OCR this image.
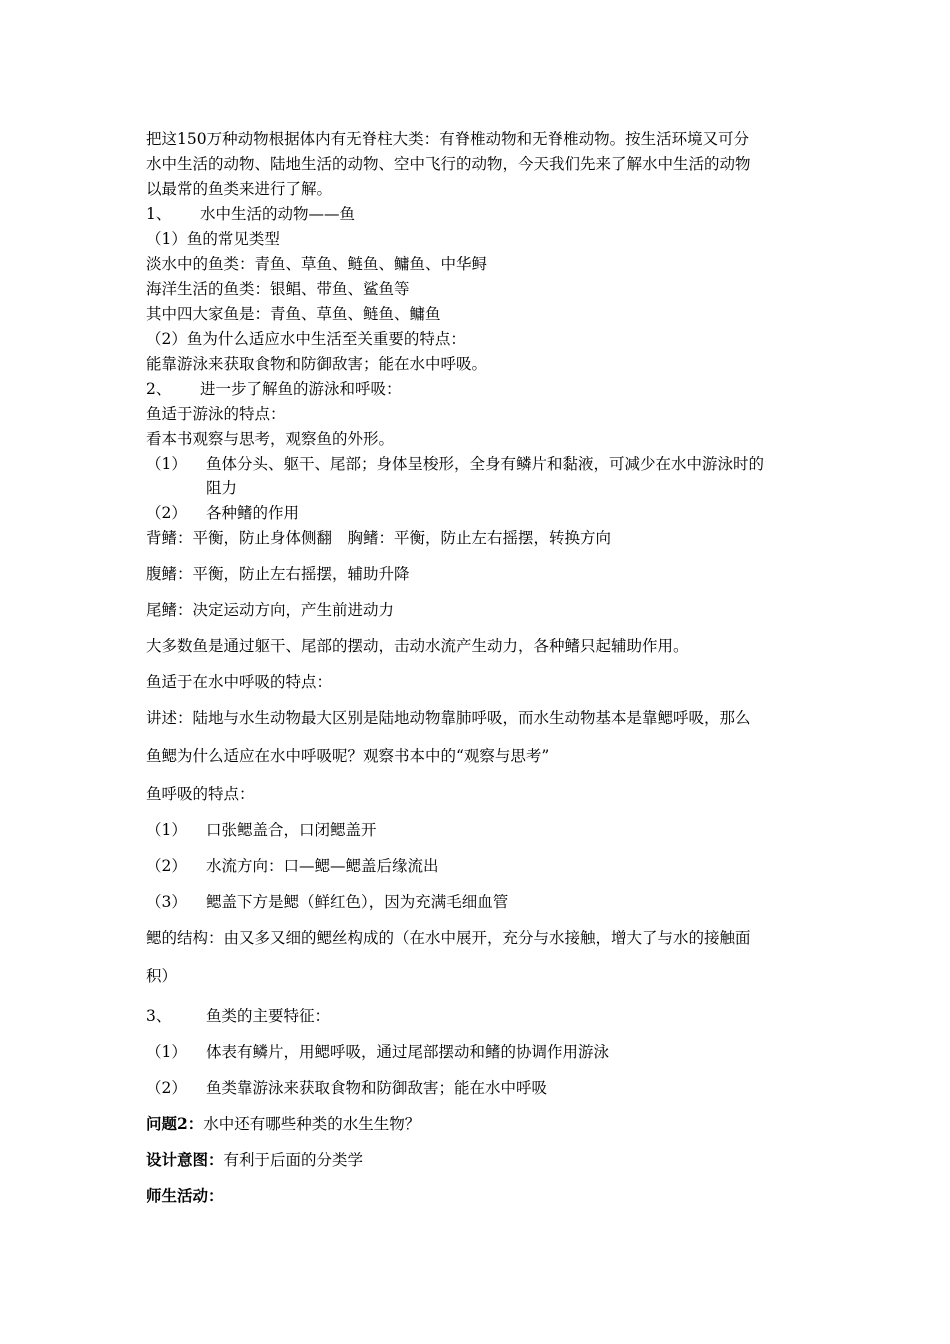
把这150万种动物根据体内有无脊柱大类：有脊椎动物和无脊椎动物。按生活环境又可分
水中生活的动物、陆地生活的动物、空中飞行的动物，今天我们先来了解水中生活的动物
以最常的鱼类来进行了解。
1、 水中生活的动物——鱼
（1）鱼的常见类型
淡水中的鱼类：青鱼、草鱼、鲢鱼、鳙鱼、中华鲟
海洋生活的鱼类：银鲳、带鱼、鲨鱼等
其中四大家鱼是：青鱼、草鱼、鲢鱼、鳙鱼
（2）鱼为什么适应水中生活至关重要的特点：
能靠游泳来获取食物和防御敌害；能在水中呼吸。
2、 进一步了解鱼的游泳和呼吸：
鱼适于游泳的特点：
看本书观察与思考，观察鱼的外形。
（1） 鱼体分头、躯干、尾部；身体呈梭形，全身有鳞片和黏液，可减少在水中游泳时的
阻力
（2） 各种鳍的作用
背鳍：平衡，防止身体侧翻　胸鳍：平衡，防止左右摇摆，转换方向
腹鳍：平衡，防止左右摇摆，辅助升降
尾鳍：决定运动方向，产生前进动力
大多数鱼是通过躯干、尾部的摆动，击动水流产生动力，各种鳍只起辅助作用。
鱼适于在水中呼吸的特点：
讲述：陆地与水生动物最大区别是陆地动物靠肺呼吸，而水生动物基本是靠鳃呼吸，那么
鱼鳃为什么适应在水中呼吸呢？观察书本中的“观察与思考”
鱼呼吸的特点：
（1） 口张鳃盖合，口闭鳃盖开
（2） 水流方向：口—鳃—鳃盖后缘流出
（3） 鳃盖下方是鳃（鲜红色），因为充满毛细血管
鳃的结构：由又多又细的鳃丝构成的（在水中展开，充分与水接触，增大了与水的接触面
积）
3、 鱼类的主要特征：
（1） 体表有鳞片，用鳃呼吸，通过尾部摆动和鳍的协调作用游泳
（2） 鱼类靠游泳来获取食物和防御敌害；能在水中呼吸
问题2：水中还有哪些种类的水生生物？
设计意图：有利于后面的分类学
师生活动：
